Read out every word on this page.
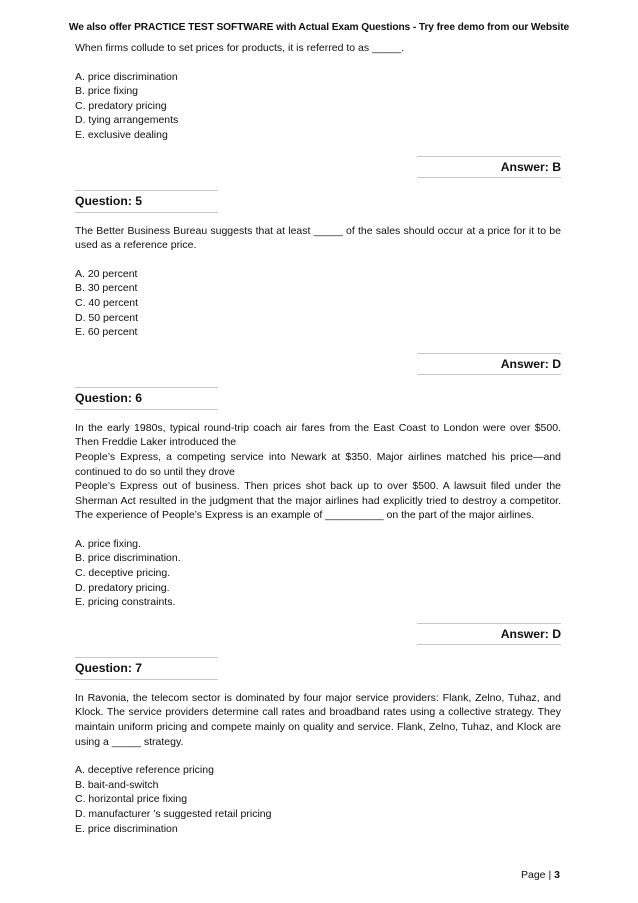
We also offer PRACTICE TEST SOFTWARE with Actual Exam Questions - Try free demo from our Website
When firms collude to set prices for products, it is referred to as _____.
A. price discrimination
B. price fixing
C. predatory pricing
D. tying arrangements
E. exclusive dealing
Answer: B
Question: 5
The Better Business Bureau suggests that at least _____ of the sales should occur at a price for it to be used as a reference price.
A. 20 percent
B. 30 percent
C. 40 percent
D. 50 percent
E. 60 percent
Answer: D
Question: 6
In the early 1980s, typical round-trip coach air fares from the East Coast to London were over $500. Then Freddie Laker introduced the
People’s Express, a competing service into Newark at $350. Major airlines matched his price—and continued to do so until they drove
People’s Express out of business. Then prices shot back up to over $500. A lawsuit filed under the Sherman Act resulted in the judgment that the major airlines had explicitly tried to destroy a competitor. The experience of People’s Express is an example of __________ on the part of the major airlines.
A. price fixing.
B. price discrimination.
C. deceptive pricing.
D. predatory pricing.
E. pricing constraints.
Answer: D
Question: 7
In Ravonia, the telecom sector is dominated by four major service providers: Flank, Zelno, Tuhaz, and Klock. The service providers determine call rates and broadband rates using a collective strategy. They maintain uniform pricing and compete mainly on quality and service. Flank, Zelno, Tuhaz, and Klock are using a _____ strategy.
A. deceptive reference pricing
B. bait-and-switch
C. horizontal price fixing
D. manufacturer ’s suggested retail pricing
E. price discrimination
Page | 3
